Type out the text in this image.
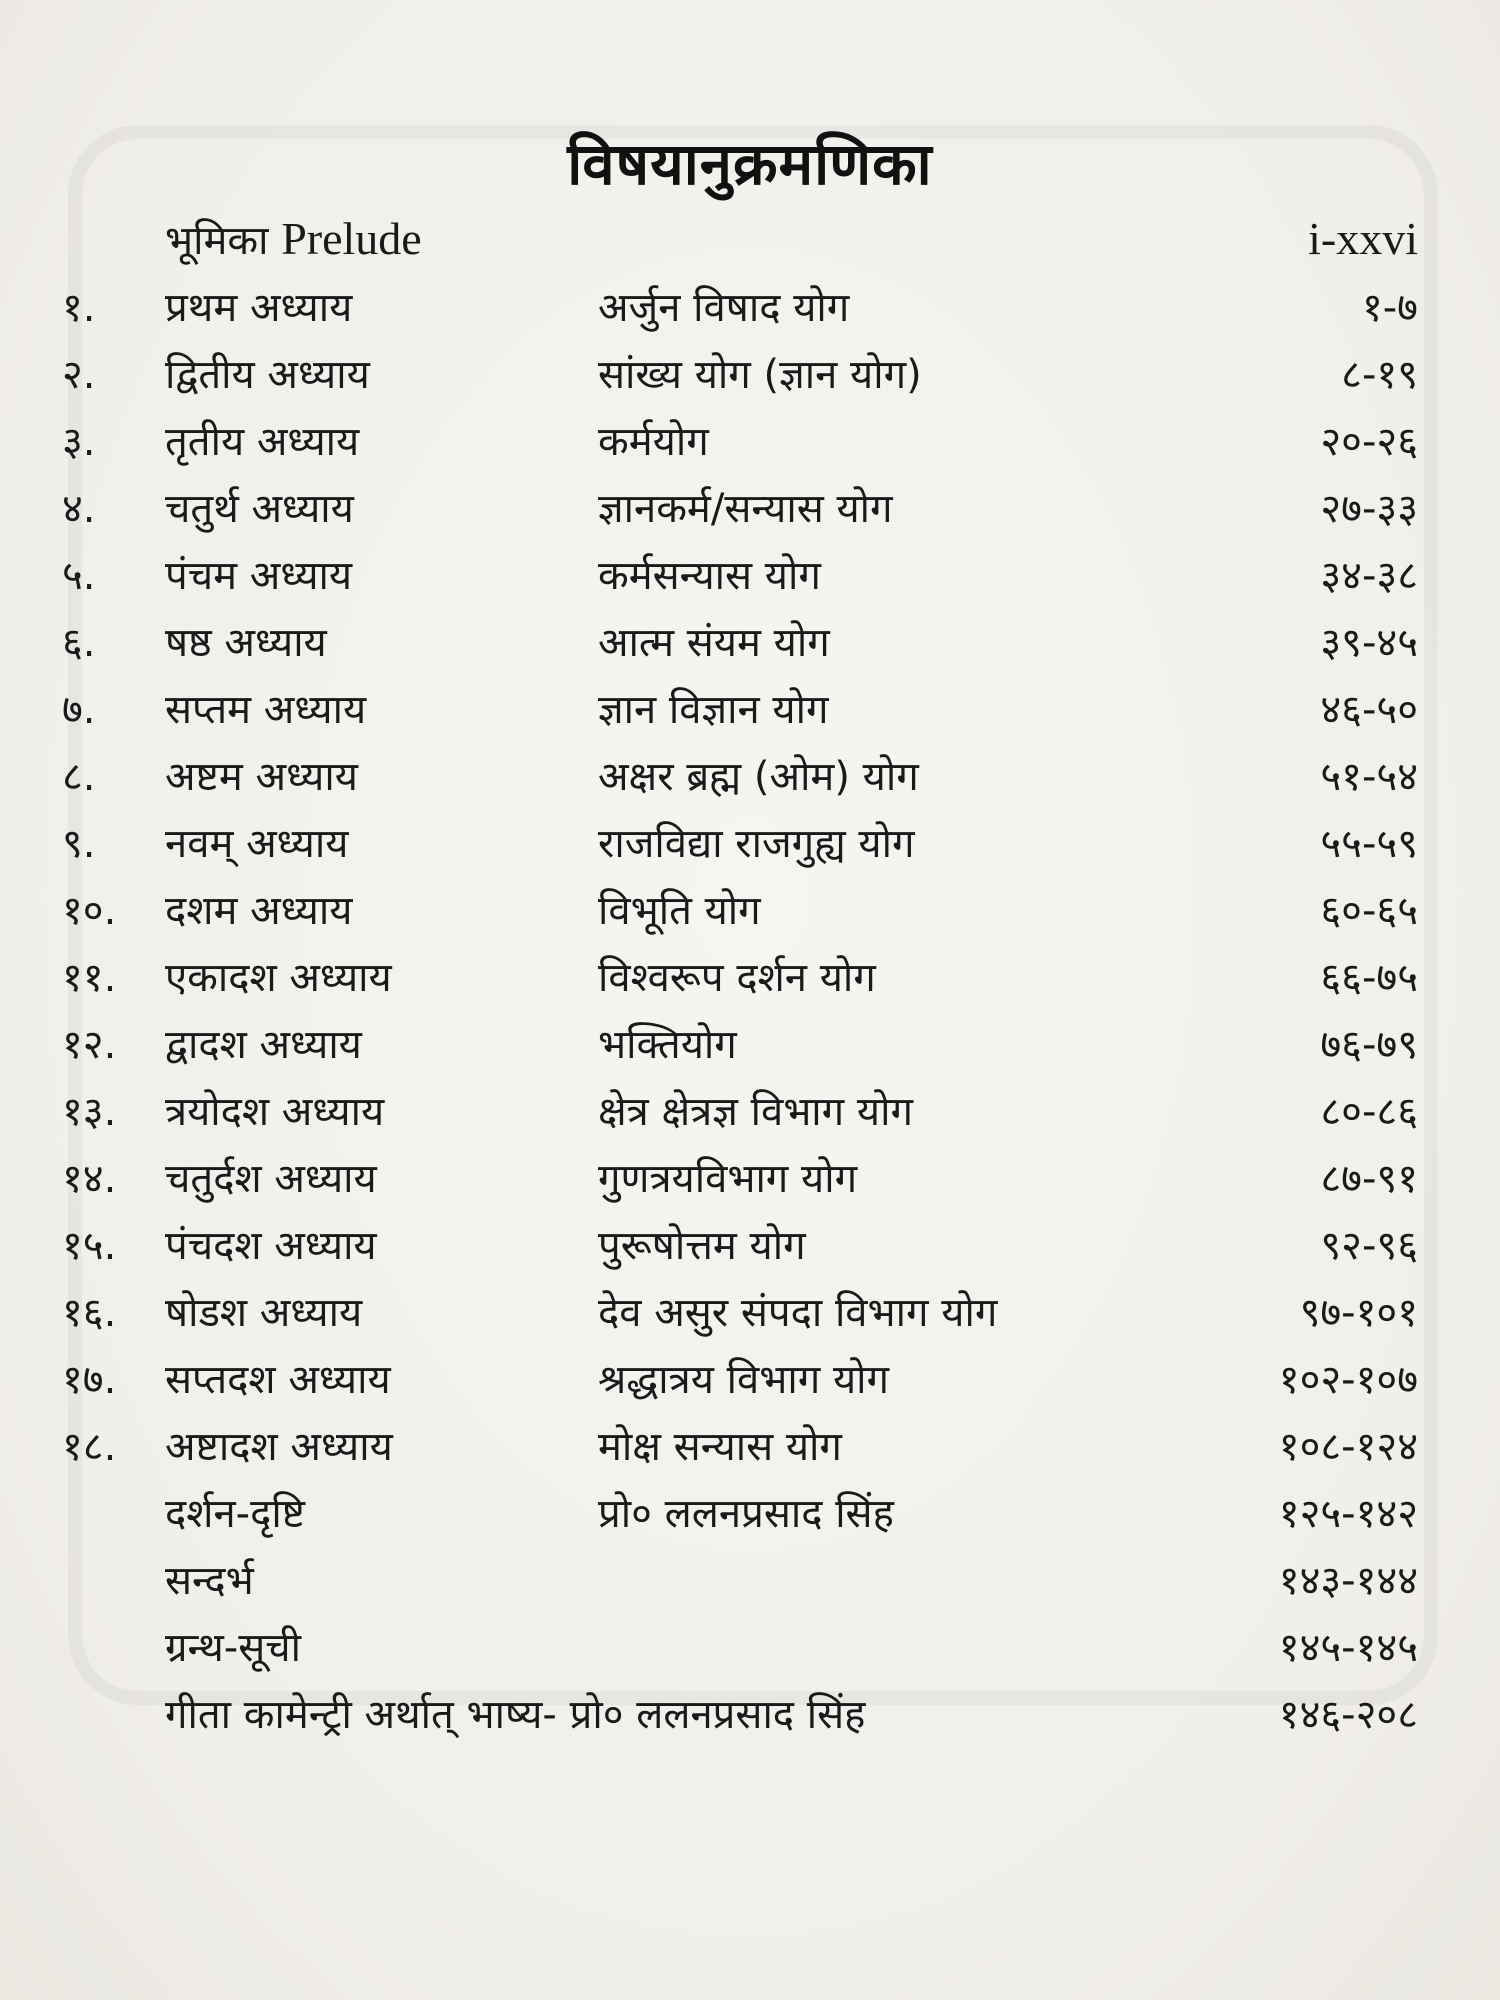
विषयानुक्रमणिका
भूमिका Prelude	i-xxvi
१. प्रथम अध्याय	अर्जुन विषाद योग	१-७
२. द्वितीय अध्याय	सांख्य योग (ज्ञान योग)	८-१९
३. तृतीय अध्याय	कर्मयोग	२०-२६
४. चतुर्थ अध्याय	ज्ञानकर्म/सन्यास योग	२७-३३
५. पंचम अध्याय	कर्मसन्यास योग	३४-३८
६. षष्ठ अध्याय	आत्म संयम योग	३९-४५
७. सप्तम अध्याय	ज्ञान विज्ञान योग	४६-५०
८. अष्टम अध्याय	अक्षर ब्रह्म (ओम) योग	५१-५४
९. नवम् अध्याय	राजविद्या राजगुह्य योग	५५-५९
१०. दशम अध्याय	विभूति योग	६०-६५
११. एकादश अध्याय	विश्वरूप दर्शन योग	६६-७५
१२. द्वादश अध्याय	भक्तियोग	७६-७९
१३. त्रयोदश अध्याय	क्षेत्र क्षेत्रज्ञ विभाग योग	८०-८६
१४. चतुर्दश अध्याय	गुणत्रयविभाग योग	८७-९१
१५. पंचदश अध्याय	पुरूषोत्तम योग	९२-९६
१६. षोडश अध्याय	देव असुर संपदा विभाग योग	९७-१०१
१७. सप्तदश अध्याय	श्रद्धात्रय विभाग योग	१०२-१०७
१८. अष्टादश अध्याय	मोक्ष सन्यास योग	१०८-१२४
दर्शन-दृष्टि	प्रो० ललनप्रसाद सिंह	१२५-१४२
सन्दर्भ	१४३-१४४
ग्रन्थ-सूची	१४५-१४५
गीता कामेन्ट्री अर्थात् भाष्य- प्रो० ललनप्रसाद सिंह	१४६-२०८
